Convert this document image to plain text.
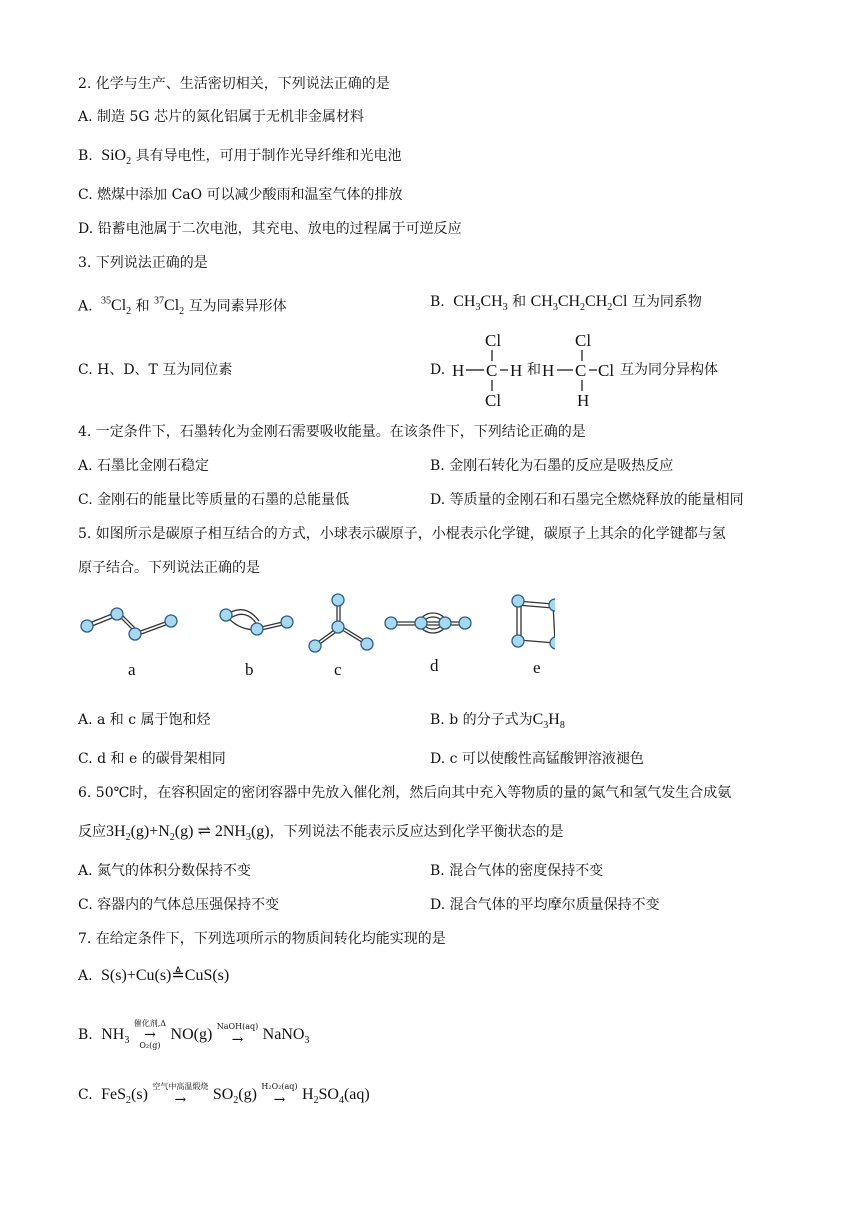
2. 化学与生产、生活密切相关，下列说法正确的是
A. 制造 5G 芯片的氮化铝属于无机非金属材料
B.  SiO$_2$ 具有导电性，可用于制作光导纤维和光电池
C. 燃煤中添加 CaO 可以减少酸雨和温室气体的排放
D. 铅蓄电池属于二次电池，其充电、放电的过程属于可逆反应
3. 下列说法正确的是
A. $^{35}Cl_2$ 和 $^{37}Cl_2$ 互为同素异形体	B.  $CH_3CH_3$ 和 $CH_3CH_2CH_2Cl$ 互为同系物
C. H、D、T 互为同位素	D.
Cl
H C H
Cl
Cl
H C Cl
H
和	互为同分异构体
4. 一定条件下，石墨转化为金刚石需要吸收能量。在该条件下，下列结论正确的是
A. 石墨比金刚石稳定	B. 金刚石转化为石墨的反应是吸热反应
C. 金刚石的能量比等质量的石墨的总能量低	D. 等质量的金刚石和石墨完全燃烧释放的能量相同
5. 如图所示是碳原子相互结合的方式，小球表示碳原子，小棍表示化学键，碳原子上其余的化学键都与氢
原子结合。下列说法正确的是
a	b	c	d	e
A. a 和 c 属于饱和烃	B. b 的分子式为$C_3H_8$
C. d 和 e 的碳骨架相同	D. c 可以使酸性高锰酸钾溶液褪色
6. 50℃时，在容积固定的密闭容器中先放入催化剂，然后向其中充入等物质的量的氮气和氢气发生合成氨
反应$3H_2(g)+N_2(g)$ ⇌ $2NH_3(g)$，下列说法不能表示反应达到化学平衡状态的是
A. 氮气的体积分数保持不变	B. 混合气体的密度保持不变
C. 容器内的气体总压强保持不变	D. 混合气体的平均摩尔质量保持不变
7. 在给定条件下，下列选项所示的物质间转化均能实现的是
A.  S(s)+Cu(s)≜CuS(s)
B.  $NH_3$
催化剂,Δ
→
O₂(g)
NO(g) NaOH(aq)
→ NaNO$_3$
C.  FeS$_2$(s) 空气中高温煅烧
→	$SO_2(g)$ H₂O₂(aq)
→	$H_2SO_4(aq)$
